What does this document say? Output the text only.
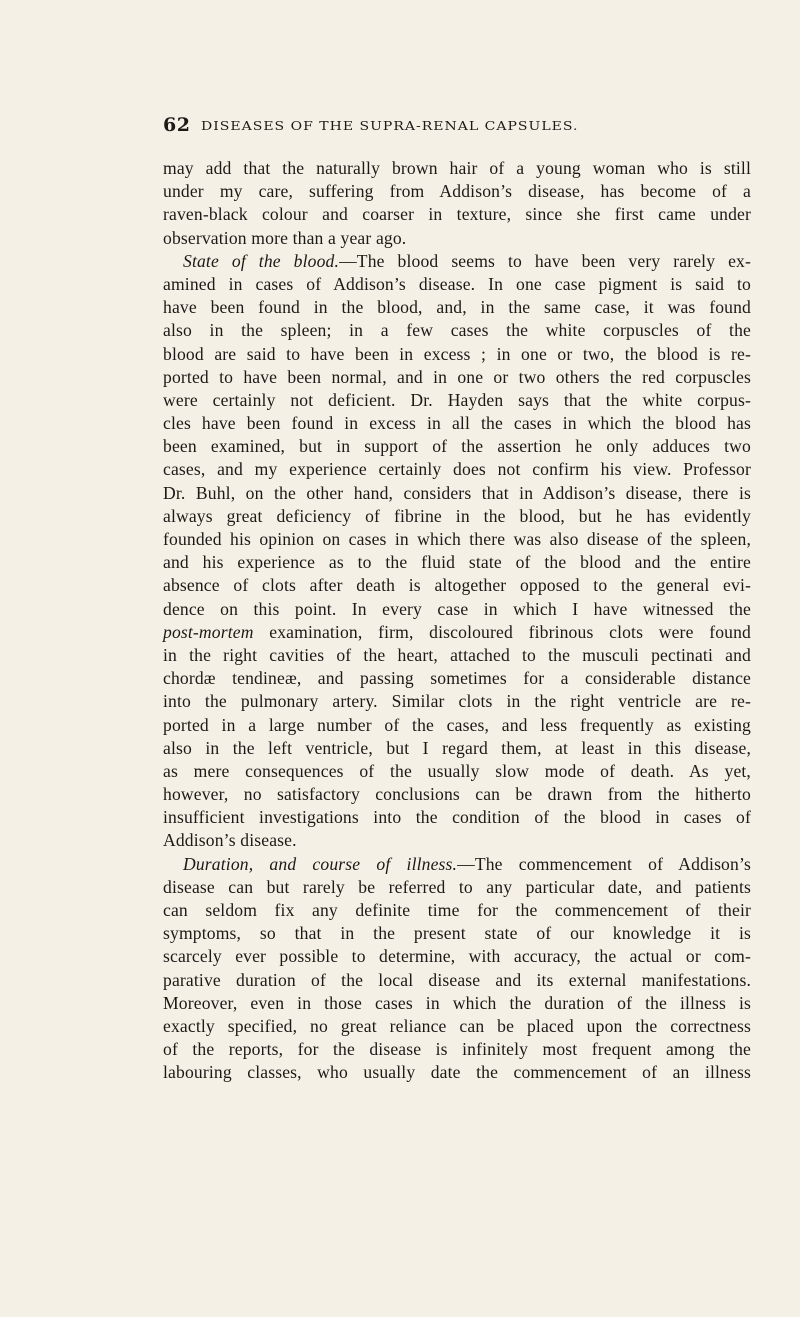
62 DISEASES OF THE SUPRA-RENAL CAPSULES.
may add that the naturally brown hair of a young woman who is still
under my care, suffering from Addison’s disease, has become of a
raven-black colour and coarser in texture, since she first came under
observation more than a year ago.
State of the blood.—The blood seems to have been very rarely ex-
amined in cases of Addison’s disease. In one case pigment is said to
have been found in the blood, and, in the same case, it was found
also in the spleen; in a few cases the white corpuscles of the
blood are said to have been in excess ; in one or two, the blood is re-
ported to have been normal, and in one or two others the red corpuscles
were certainly not deficient. Dr. Hayden says that the white corpus-
cles have been found in excess in all the cases in which the blood has
been examined, but in support of the assertion he only adduces two
cases, and my experience certainly does not confirm his view. Professor
Dr. Buhl, on the other hand, considers that in Addison’s disease, there is
always great deficiency of fibrine in the blood, but he has evidently
founded his opinion on cases in which there was also disease of the spleen,
and his experience as to the fluid state of the blood and the entire
absence of clots after death is altogether opposed to the general evi-
dence on this point. In every case in which I have witnessed the
post-mortem examination, firm, discoloured fibrinous clots were found
in the right cavities of the heart, attached to the musculi pectinati and
chordæ tendineæ, and passing sometimes for a considerable distance
into the pulmonary artery. Similar clots in the right ventricle are re-
ported in a large number of the cases, and less frequently as existing
also in the left ventricle, but I regard them, at least in this disease,
as mere consequences of the usually slow mode of death. As yet,
however, no satisfactory conclusions can be drawn from the hitherto
insufficient investigations into the condition of the blood in cases of
Addison’s disease.
Duration, and course of illness.—The commencement of Addison’s
disease can but rarely be referred to any particular date, and patients
can seldom fix any definite time for the commencement of their
symptoms, so that in the present state of our knowledge it is
scarcely ever possible to determine, with accuracy, the actual or com-
parative duration of the local disease and its external manifestations.
Moreover, even in those cases in which the duration of the illness is
exactly specified, no great reliance can be placed upon the correctness
of the reports, for the disease is infinitely most frequent among the
labouring classes, who usually date the commencement of an illness
